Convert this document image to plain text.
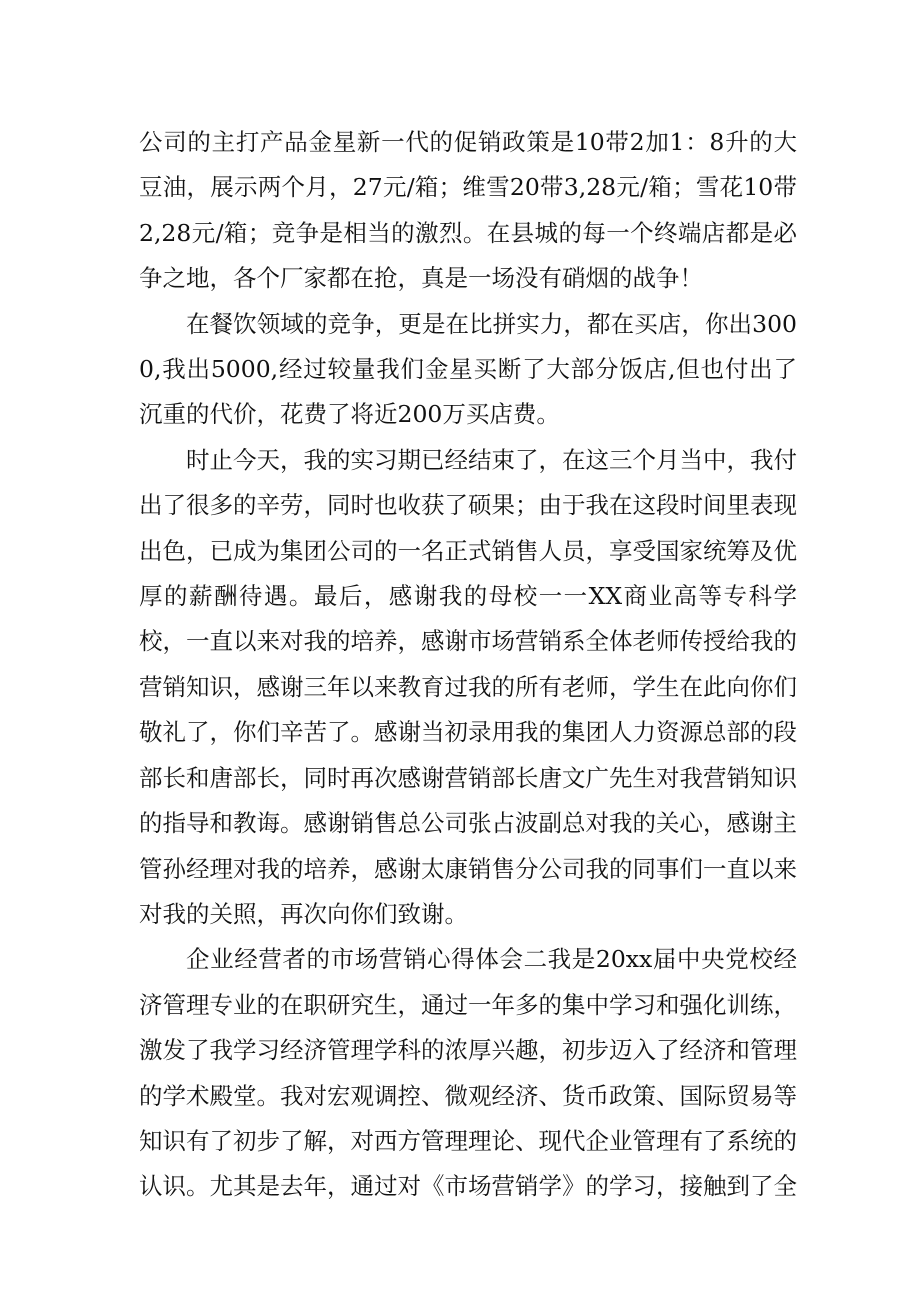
公司的主打产品金星新一代的促销政策是10带2加1：8升的大豆油，展示两个月，27元/箱；维雪20带3,28元/箱；雪花10带2,28元/箱；竞争是相当的激烈。在县城的每一个终端店都是必争之地，各个厂家都在抢，真是一场没有硝烟的战争！

在餐饮领域的竞争，更是在比拼实力，都在买店，你出3000,我出5000,经过较量我们金星买断了大部分饭店,但也付出了沉重的代价，花费了将近200万买店费。

时止今天，我的实习期已经结束了，在这三个月当中，我付出了很多的辛劳，同时也收获了硕果；由于我在这段时间里表现出色，已成为集团公司的一名正式销售人员，享受国家统筹及优厚的薪酬待遇。最后，感谢我的母校一一XX商业高等专科学校，一直以来对我的培养，感谢市场营销系全体老师传授给我的营销知识，感谢三年以来教育过我的所有老师，学生在此向你们敬礼了，你们辛苦了。感谢当初录用我的集团人力资源总部的段部长和唐部长，同时再次感谢营销部长唐文广先生对我营销知识的指导和教诲。感谢销售总公司张占波副总对我的关心，感谢主管孙经理对我的培养，感谢太康销售分公司我的同事们一直以来对我的关照，再次向你们致谢。

企业经营者的市场营销心得体会二我是20xx届中央党校经济管理专业的在职研究生，通过一年多的集中学习和强化训练，激发了我学习经济管理学科的浓厚兴趣，初步迈入了经济和管理的学术殿堂。我对宏观调控、微观经济、货币政策、国际贸易等知识有了初步了解，对西方管理理论、现代企业管理有了系统的认识。尤其是去年，通过对《市场营销学》的学习，接触到了全
